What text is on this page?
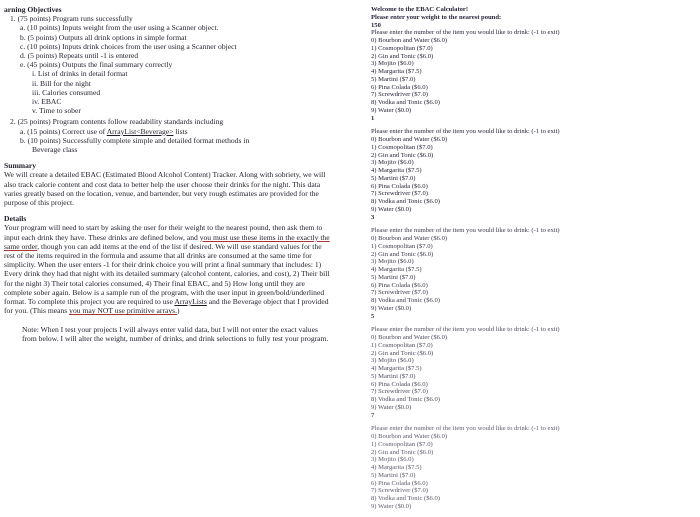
arning Objectives
1. (75 points) Program runs successfully
a. (10 points) Inputs weight from the user using a Scanner object.
b. (5 points) Outputs all drink options in simple format
c. (10 points) Inputs drink choices from the user using a Scanner object
d. (5 points) Repeats until -1 is entered
e. (45 points) Outputs the final summary correctly
i. List of drinks in detail format
ii. Bill for the night
iii. Calories consumed
iv. EBAC
v. Time to sober
2. (25 points) Program contents follow readability standards including
a. (15 points) Correct use of ArrayList<Beverage> lists
b. (10 points) Successfully complete simple and detailed format methods in
Beverage class
Summary

We will create a detailed EBAC (Estimated Blood Alcohol Content) Tracker. Along with sobriety, we will also track calorie content and cost data to better help the user choose their drinks for the night. This data varies greatly based on the location, venue, and bartender, but very rough estimates are provided for the purpose of this project.

Details

Your program will need to start by asking the user for their weight to the nearest pound, then ask them to input each drink they have. These drinks are defined below, and you must use these items in the exactly the same order, though you can add items at the end of the list if desired. We will use standard values for the rest of the items required in the formula and assume that all drinks are consumed at the same time for simplicity. When the user enters -1 for their drink choice you will print a final summary that includes: 1) Every drink they had that night with its detailed summary (alcohol content, calories, and cost), 2) Their bill for the night 3) Their total calories consumed, 4) Their final EBAC, and 5) How long until they are complete sober again. Below is a sample run of the program, with the user input in green/bold/underlined format. To complete this project you are required to use ArrayLists and the Beverage object that I provided for you. (This means you may NOT use primitive arrays.)

Note: When I test your projects I will always enter valid data, but I will not enter the exact values from below. I will alter the weight, number of drinks, and drink selections to fully test your program.

Welcome to the EBAC Calculator!
Please enter your weight to the nearest pound:
150
Please enter the number of the item you would like to drink: (-1 to exit)
0) Bourbon and Water ($6.0)
1) Cosmopolitan ($7.0)
2) Gin and Tonic ($6.0)
3) Mojito ($6.0)
4) Margarita ($7.5)
5) Martini ($7.0)
6) Pina Colada ($6.0)
7) Screwdriver ($7.0)
8) Vodka and Tonic ($6.0)
9) Water ($0.0)
1
Please enter the number of the item you would like to drink: (-1 to exit)
0) Bourbon and Water ($6.0)
1) Cosmopolitan ($7.0)
2) Gin and Tonic ($6.0)
3) Mojito ($6.0)
4) Margarita ($7.5)
5) Martini ($7.0)
6) Pina Colada ($6.0)
7) Screwdriver ($7.0)
8) Vodka and Tonic ($6.0)
9) Water ($0.0)
3
Please enter the number of the item you would like to drink: (-1 to exit)
0) Bourbon and Water ($6.0)
1) Cosmopolitan ($7.0)
2) Gin and Tonic ($6.0)
3) Mojito ($6.0)
4) Margarita ($7.5)
5) Martini ($7.0)
6) Pina Colada ($6.0)
7) Screwdriver ($7.0)
8) Vodka and Tonic ($6.0)
9) Water ($0.0)
5
Please enter the number of the item you would like to drink: (-1 to exit)
0) Bourbon and Water ($6.0)
1) Cosmopolitan ($7.0)
2) Gin and Tonic ($6.0)
3) Mojito ($6.0)
4) Margarita ($7.5)
5) Martini ($7.0)
6) Pina Colada ($6.0)
7) Screwdriver ($7.0)
8) Vodka and Tonic ($6.0)
9) Water ($0.0)
7
Please enter the number of the item you would like to drink: (-1 to exit)
0) Bourbon and Water ($6.0)
1) Cosmopolitan ($7.0)
2) Gin and Tonic ($6.0)
3) Mojito ($6.0)
4) Margarita ($7.5)
5) Martini ($7.0)
6) Pina Colada ($6.0)
7) Screwdriver ($7.0)
8) Vodka and Tonic ($6.0)
9) Water ($0.0)
